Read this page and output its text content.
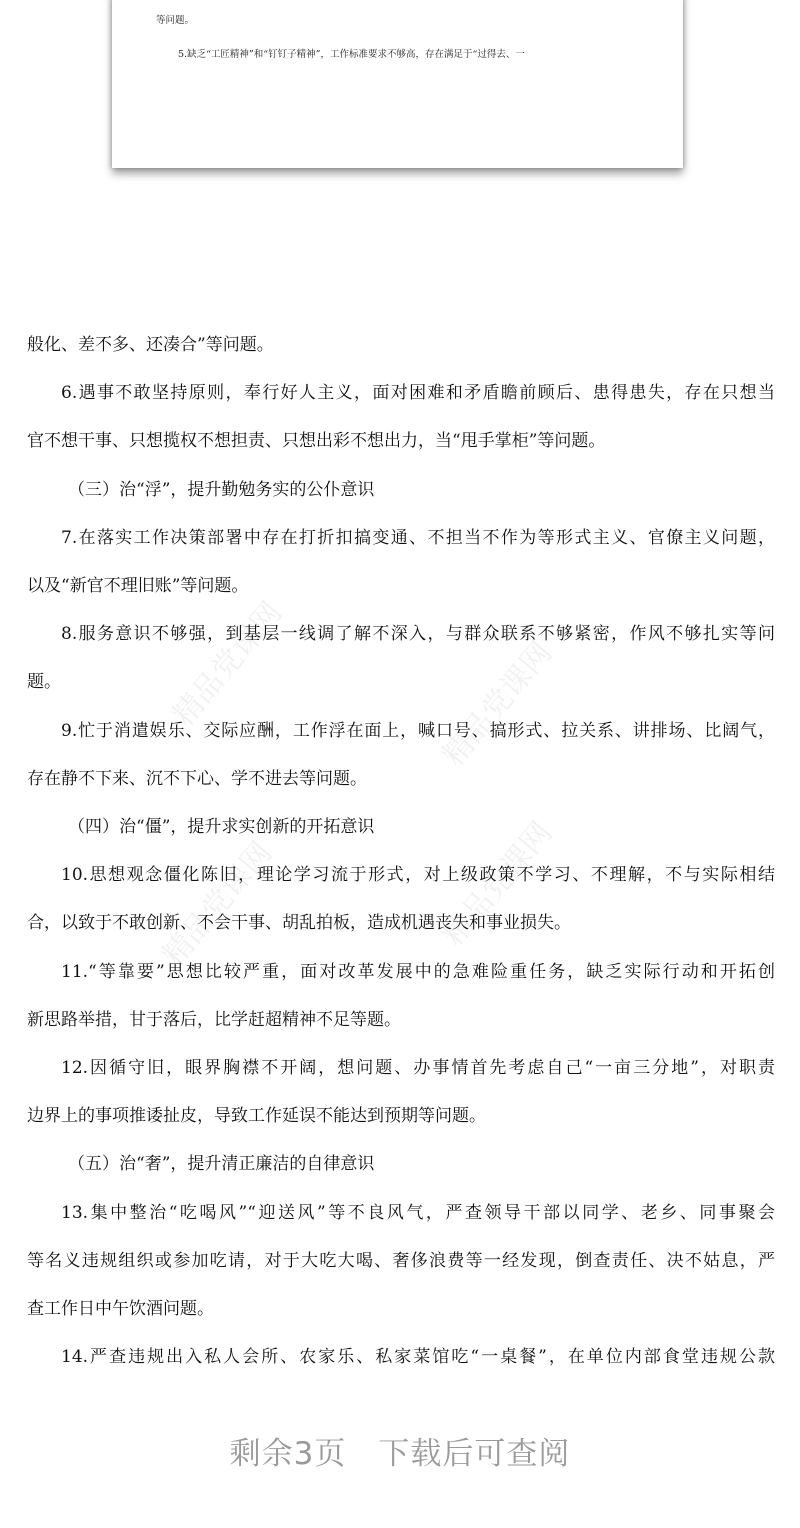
等问题。
5.缺乏“工匠精神”和“钉钉子精神”，工作标准要求不够高，存在满足于“过得去、一
精品党课网	精品党课网
精品党课网	精品党课网
般化、差不多、还凑合”等问题。
6.遇事不敢坚持原则，奉行好人主义，面对困难和矛盾瞻前顾后、患得患失，存在只想当
官不想干事、只想揽权不想担责、只想出彩不想出力，当“甩手掌柜”等问题。
（三）治“浮”，提升勤勉务实的公仆意识
7.在落实工作决策部署中存在打折扣搞变通、不担当不作为等形式主义、官僚主义问题，
以及“新官不理旧账”等问题。
8.服务意识不够强，到基层一线调了解不深入，与群众联系不够紧密，作风不够扎实等问
题。
9.忙于消遣娱乐、交际应酬，工作浮在面上，喊口号、搞形式、拉关系、讲排场、比阔气，
存在静不下来、沉不下心、学不进去等问题。
（四）治“僵”，提升求实创新的开拓意识
10.思想观念僵化陈旧，理论学习流于形式，对上级政策不学习、不理解，不与实际相结
合，以致于不敢创新、不会干事、胡乱拍板，造成机遇丧失和事业损失。
11.“等靠要”思想比较严重，面对改革发展中的急难险重任务，缺乏实际行动和开拓创
新思路举措，甘于落后，比学赶超精神不足等题。
12.因循守旧，眼界胸襟不开阔，想问题、办事情首先考虑自己“一亩三分地”，对职责
边界上的事项推诿扯皮，导致工作延误不能达到预期等问题。
（五）治“奢”，提升清正廉洁的自律意识
13.集中整治“吃喝风”“迎送风”等不良风气，严查领导干部以同学、老乡、同事聚会
等名义违规组织或参加吃请，对于大吃大喝、奢侈浪费等一经发现，倒查责任、决不姑息，严
查工作日中午饮酒问题。
14.严查违规出入私人会所、农家乐、私家菜馆吃“一桌餐”，在单位内部食堂违规公款
剩余3页　下载后可查阅
